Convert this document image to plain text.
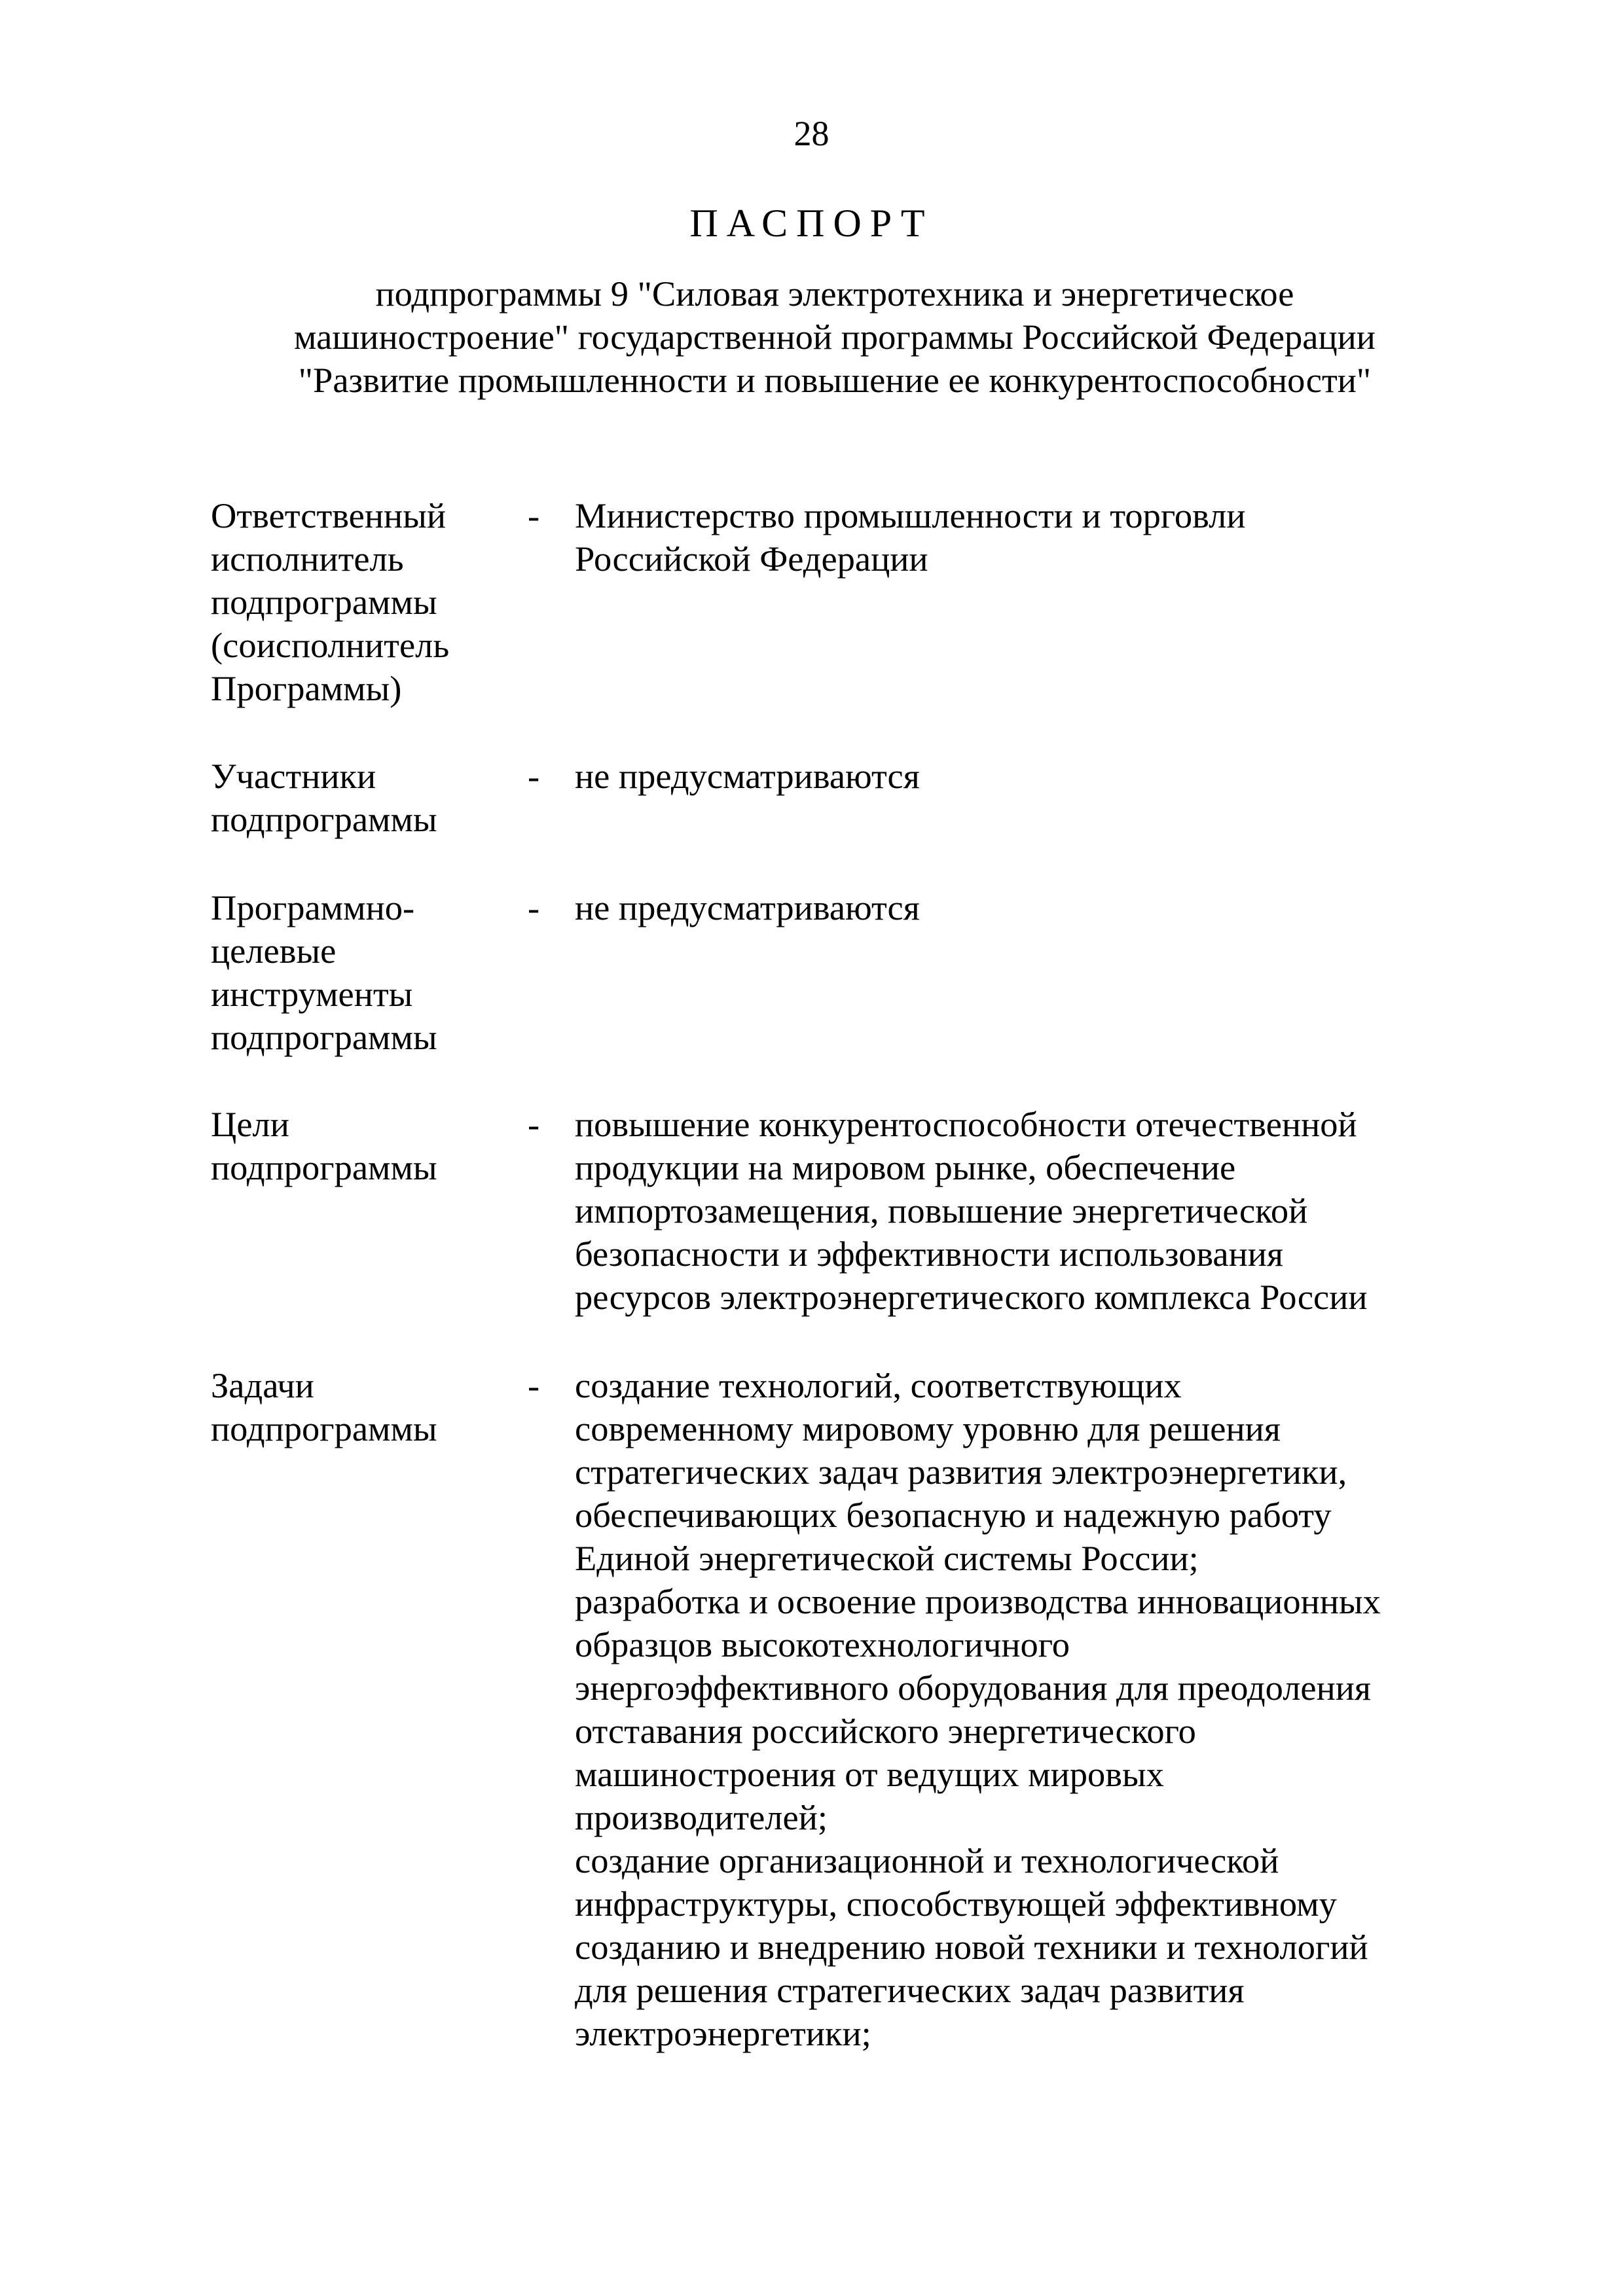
28
ПАСПОРТ
подпрограммы 9 "Силовая электротехника и энергетическое
машиностроение" государственной программы Российской Федерации
"Развитие промышленности и повышение ее конкурентоспособности"
Ответственный
исполнитель
подпрограммы
(соисполнитель
Программы)
- Министерство промышленности и торговли
Российской Федерации
Участники
подпрограммы
- не предусматриваются
Программно-
целевые
инструменты
подпрограммы
- не предусматриваются
Цели
подпрограммы
- повышение конкурентоспособности отечественной
продукции на мировом рынке, обеспечение
импортозамещения, повышение энергетической
безопасности и эффективности использования
ресурсов электроэнергетического комплекса России
Задачи
подпрограммы
- создание технологий, соответствующих
современному мировому уровню для решения
стратегических задач развития электроэнергетики,
обеспечивающих безопасную и надежную работу
Единой энергетической системы России;
разработка и освоение производства инновационных
образцов высокотехнологичного
энергоэффективного оборудования для преодоления
отставания российского энергетического
машиностроения от ведущих мировых
производителей;
создание организационной и технологической
инфраструктуры, способствующей эффективному
созданию и внедрению новой техники и технологий
для решения стратегических задач развития
электроэнергетики;
